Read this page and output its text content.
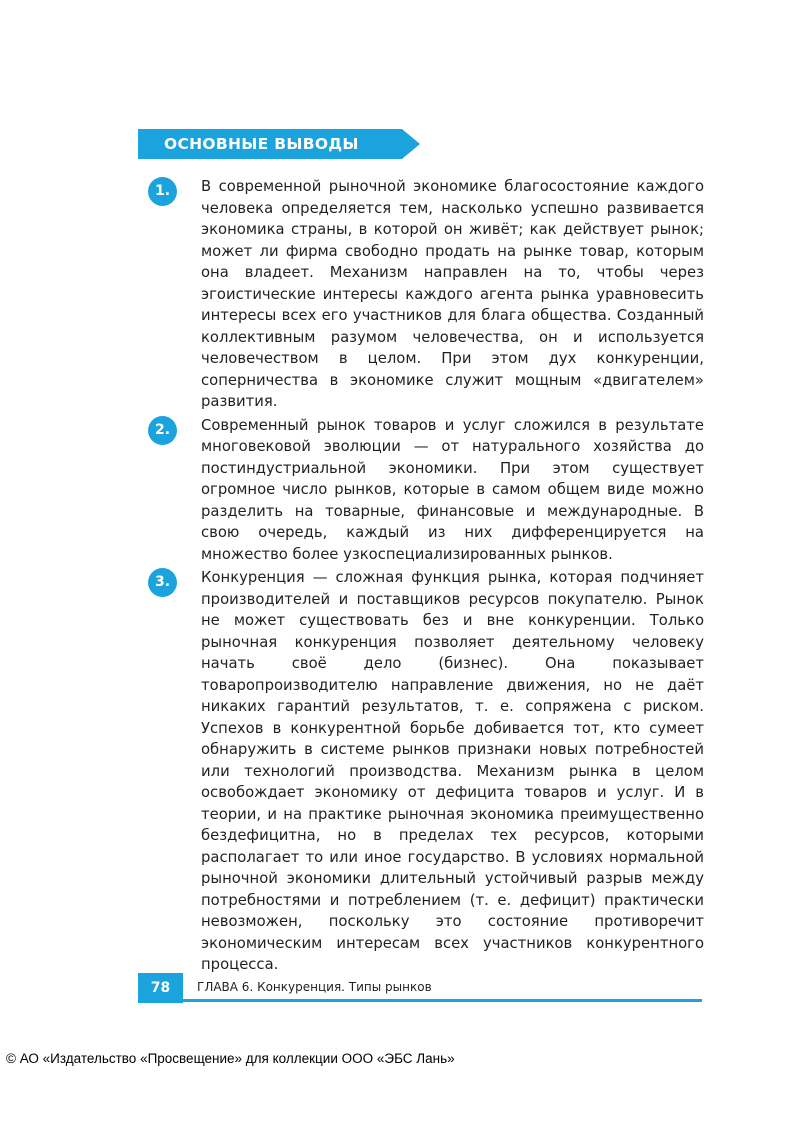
ОСНОВНЫЕ ВЫВОДЫ
1.	В современной рыночной экономике благосостояние каждого человека определяется тем, насколько успешно развивается экономика страны, в которой он живёт; как действует рынок; может ли фирма свободно продать на рынке товар, которым она владеет. Механизм направлен на то, чтобы через эгоистические интересы каждого агента рынка уравновесить интересы всех его участников для блага общества. Созданный коллективным разумом человечества, он и используется человечеством в целом. При этом дух конкуренции, соперничества в экономике служит мощным «двигателем» развития.

2.	Современный рынок товаров и услуг сложился в результате многовековой эволюции — от натурального хозяйства до постиндустриальной экономики. При этом существует огромное число рынков, которые в самом общем виде можно разделить на товарные, финансовые и международные. В свою очередь, каждый из них дифференцируется на множество более узкоспециализированных рынков.

3.	Конкуренция — сложная функция рынка, которая подчиняет производителей и поставщиков ресурсов покупателю. Рынок не может существовать без и вне конкуренции. Только рыночная конкуренция позволяет деятельному человеку начать своё дело (бизнес). Она показывает товаропроизводителю направление движения, но не даёт никаких гарантий результатов, т. е. сопряжена с риском. Успехов в конкурентной борьбе добивается тот, кто сумеет обнаружить в системе рынков признаки новых потребностей или технологий производства. Механизм рынка в целом освобождает экономику от дефицита товаров и услуг. И в теории, и на практике рыночная экономика преимущественно бездефицитна, но в пределах тех ресурсов, которыми располагает то или иное государство. В условиях нормальной рыночной экономики длительный устойчивый разрыв между потребностями и потреблением (т. е. дефицит) практически невозможен, поскольку это состояние противоречит экономическим интересам всех участников конкурентного процесса.

78	ГЛАВА 6. Конкуренция. Типы рынков
© АО «Издательство «Просвещение» для коллекции ООО «ЭБС Лань»
